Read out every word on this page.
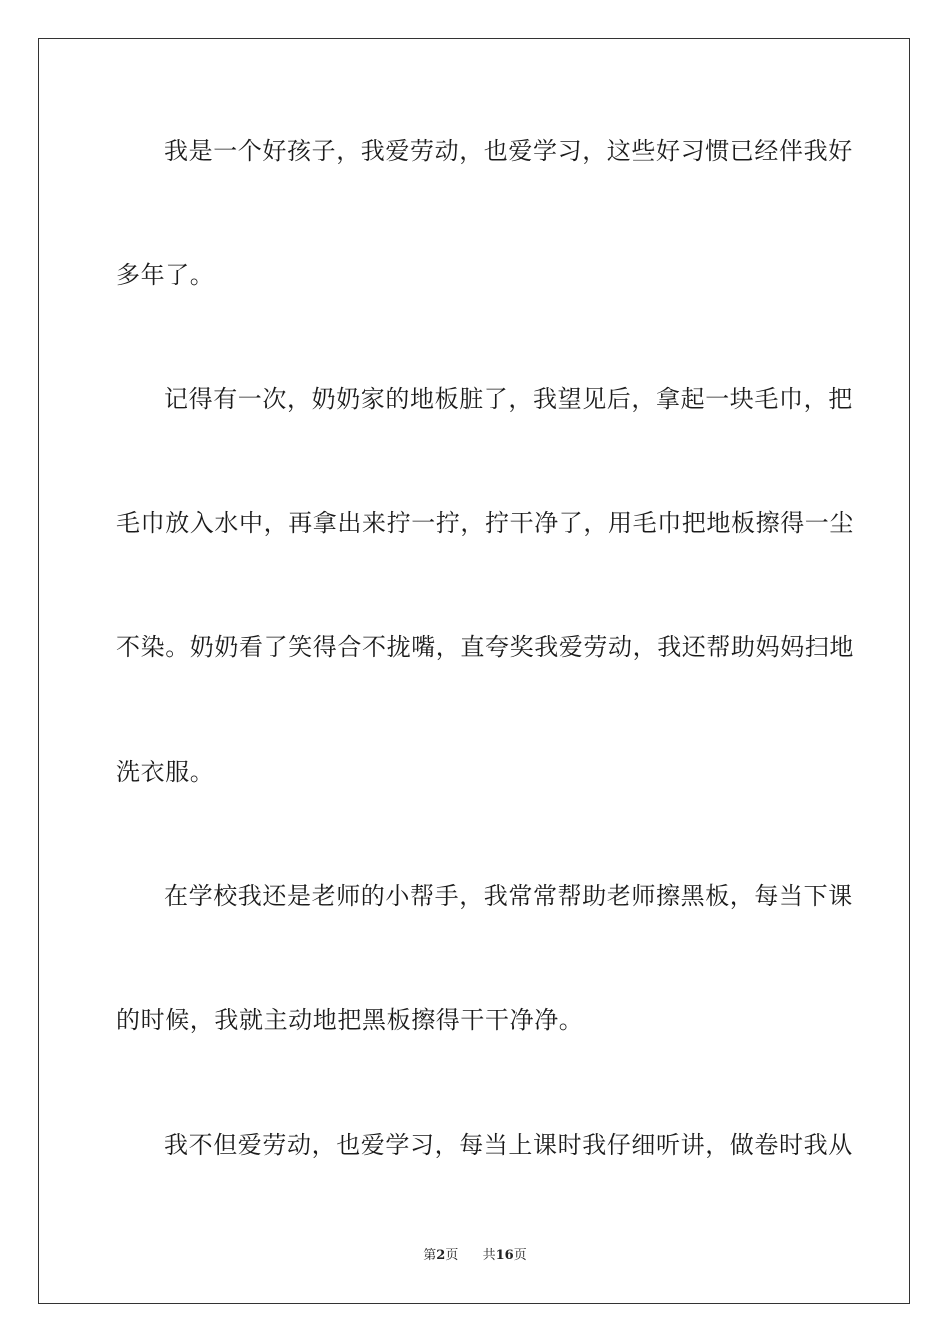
我是一个好孩子，我爱劳动，也爱学习，这些好习惯已经伴我好
多年了。
记得有一次，奶奶家的地板脏了，我望见后，拿起一块毛巾，把
毛巾放入水中，再拿出来拧一拧，拧干净了，用毛巾把地板擦得一尘
不染。奶奶看了笑得合不拢嘴，直夸奖我爱劳动，我还帮助妈妈扫地
洗衣服。
在学校我还是老师的小帮手，我常常帮助老师擦黑板，每当下课
的时候，我就主动地把黑板擦得干干净净。
我不但爱劳动，也爱学习，每当上课时我仔细听讲，做卷时我从
第2页 共16页
